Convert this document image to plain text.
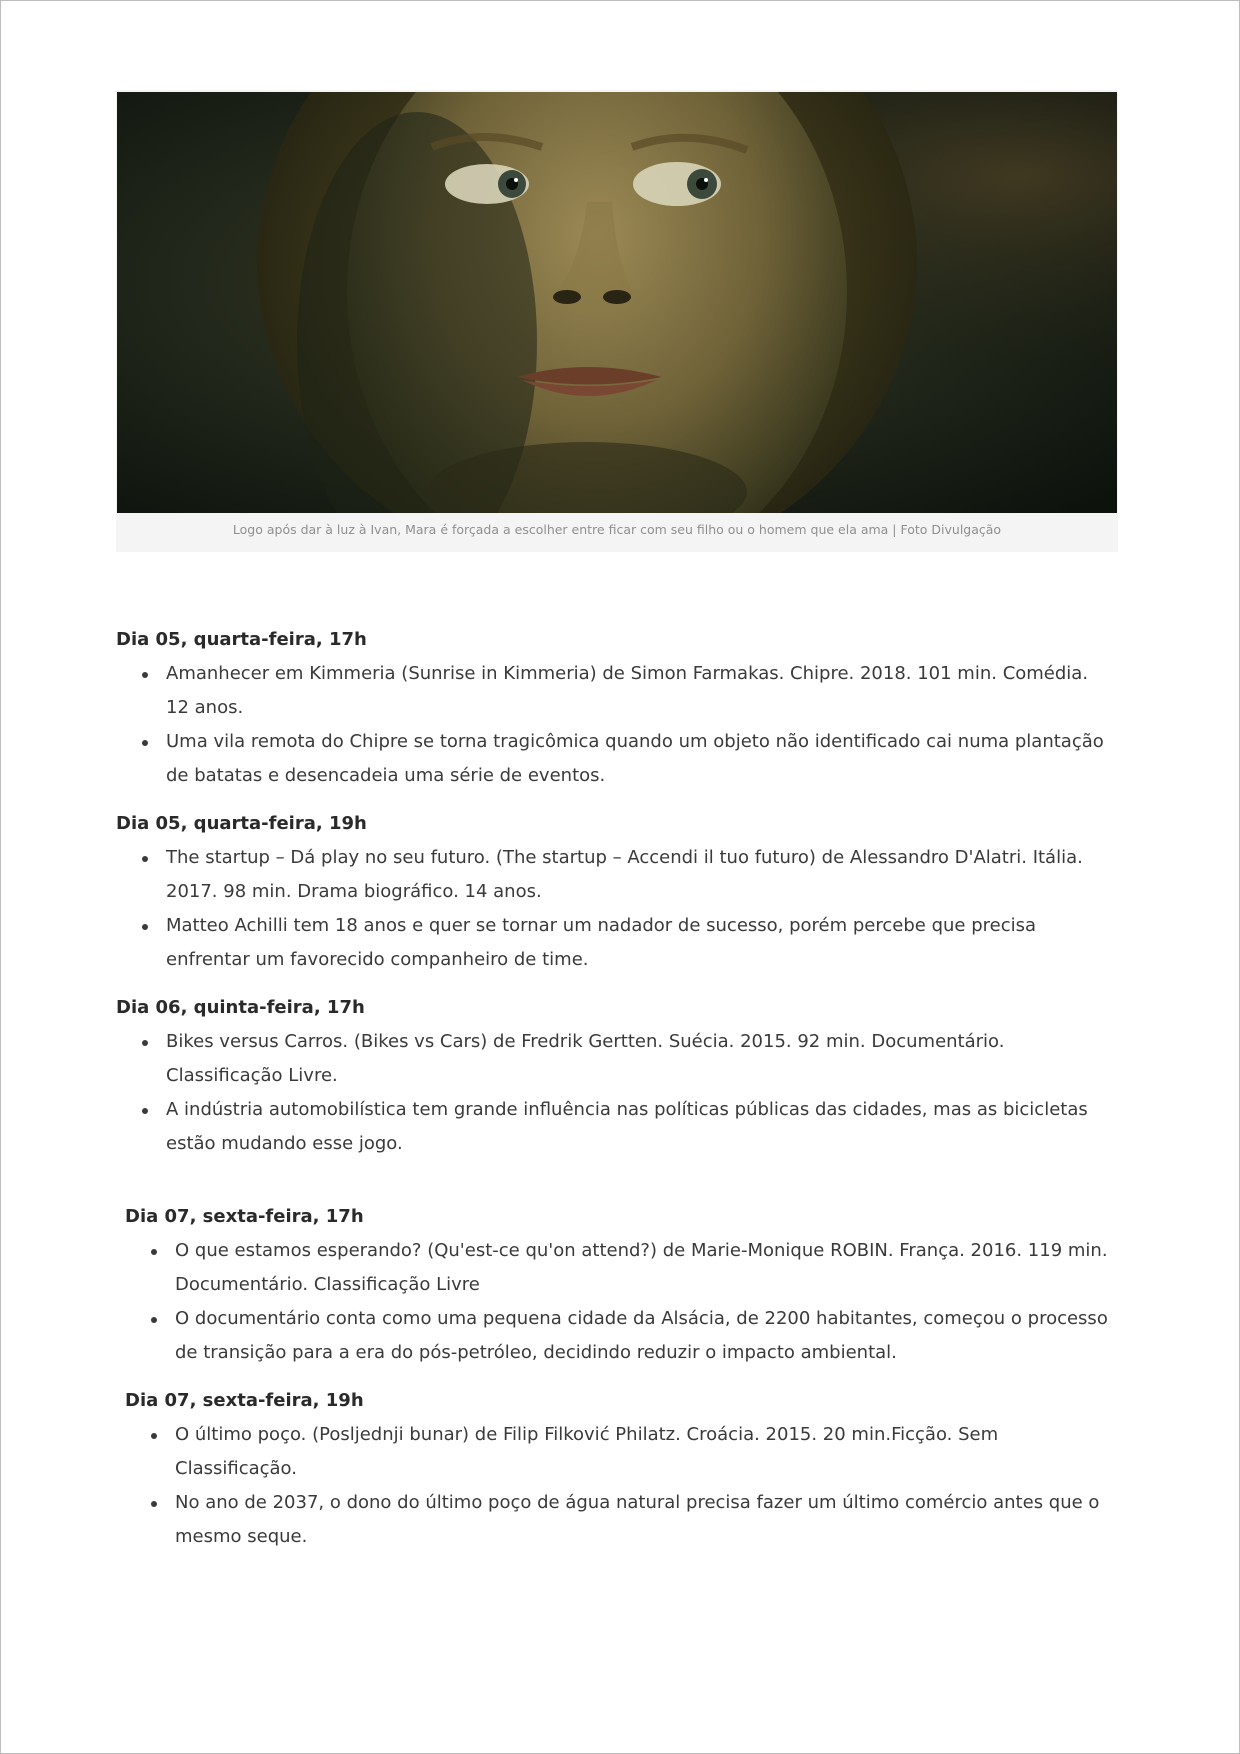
Logo após dar à luz à Ivan, Mara é forçada a escolher entre ficar com seu filho ou o homem que ela ama | Foto Divulgação
Dia 05, quarta-feira, 17h
Amanhecer em Kimmeria (Sunrise in Kimmeria) de Simon Farmakas. Chipre. 2018. 101 min. Comédia. 12 anos.
Uma vila remota do Chipre se torna tragicômica quando um objeto não identificado cai numa plantação de batatas e desencadeia uma série de eventos.
Dia 05, quarta-feira, 19h
The startup – Dá play no seu futuro. (The startup – Accendi il tuo futuro) de Alessandro D'Alatri. Itália. 2017. 98 min. Drama biográfico. 14 anos.
Matteo Achilli tem 18 anos e quer se tornar um nadador de sucesso, porém percebe que precisa enfrentar um favorecido companheiro de time.
Dia 06, quinta-feira, 17h
Bikes versus Carros. (Bikes vs Cars) de Fredrik Gertten. Suécia. 2015. 92 min. Documentário. Classificação Livre.
A indústria automobilística tem grande influência nas políticas públicas das cidades, mas as bicicletas estão mudando esse jogo.
Dia 07, sexta-feira, 17h
O que estamos esperando? (Qu'est-ce qu'on attend?) de Marie-Monique ROBIN. França. 2016. 119 min. Documentário. Classificação Livre
O documentário conta como uma pequena cidade da Alsácia, de 2200 habitantes, começou o processo de transição para a era do pós-petróleo, decidindo reduzir o impacto ambiental.
Dia 07, sexta-feira, 19h
O último poço. (Posljednji bunar) de Filip Filković Philatz. Croácia. 2015. 20 min.Ficção. Sem Classificação.
No ano de 2037, o dono do último poço de água natural precisa fazer um último comércio antes que o mesmo seque.
